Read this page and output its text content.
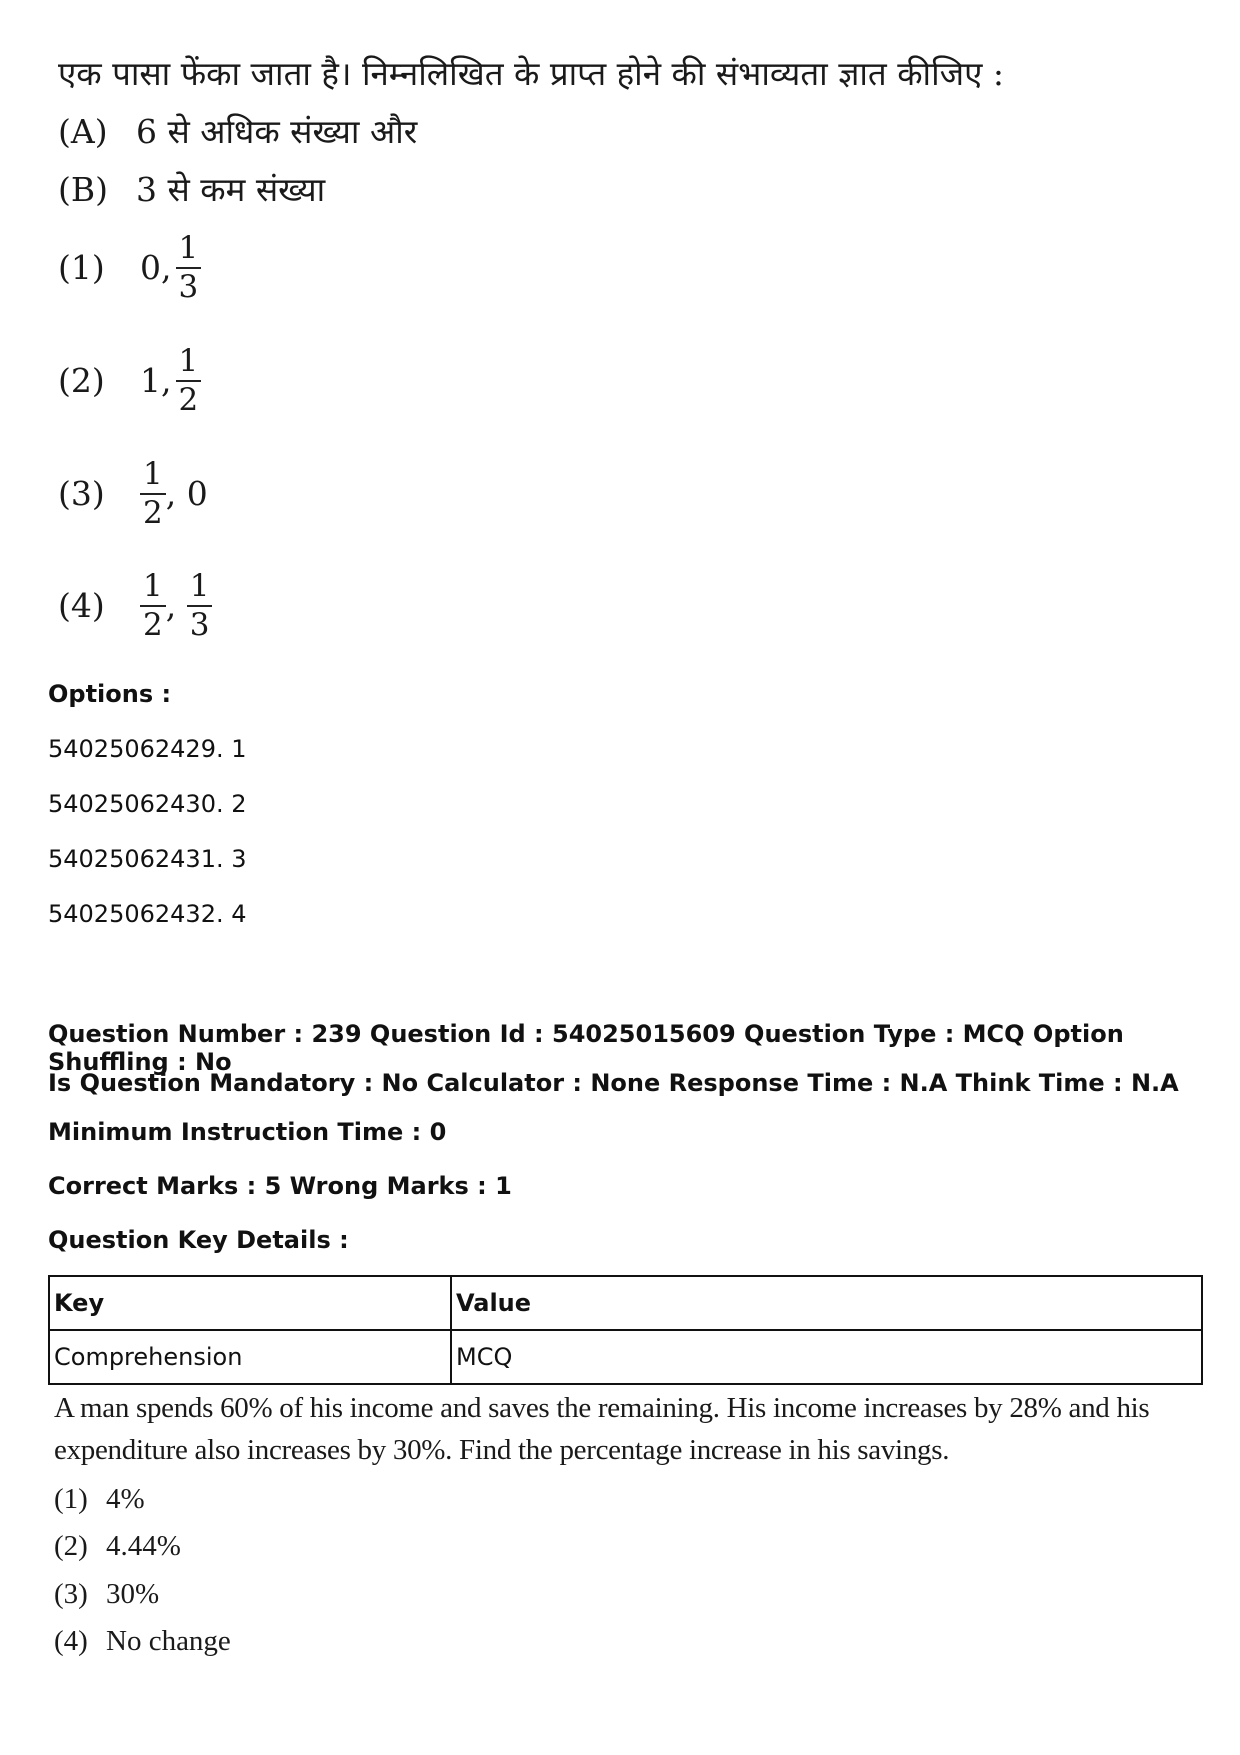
एक पासा फेंका जाता है। निम्नलिखित के प्राप्त होने की संभाव्यता ज्ञात कीजिए :
(A) 6 से अधिक संख्या और
(B) 3 से कम संख्या
(1)	0, $\frac{1}{3}$
(2)	1, $\frac{1}{2}$
(3)	$\frac{1}{2}$ , 0
(4)	$\frac{1}{2}$ , $\frac{1}{3}$
Options :
54025062429. 1
54025062430. 2
54025062431. 3
54025062432. 4
Question Number : 239 Question Id : 54025015609 Question Type : MCQ Option Shuffling : No
Is Question Mandatory : No Calculator : None Response Time : N.A Think Time : N.A
Minimum Instruction Time : 0
Correct Marks : 5 Wrong Marks : 1
Question Key Details :
Key	Value
Comprehension	MCQ
A man spends 60% of his income and saves the remaining. His income increases by 28% and his
expenditure also increases by 30%. Find the percentage increase in his savings.
(1) 4%
(2) 4.44%
(3) 30%
(4) No change
